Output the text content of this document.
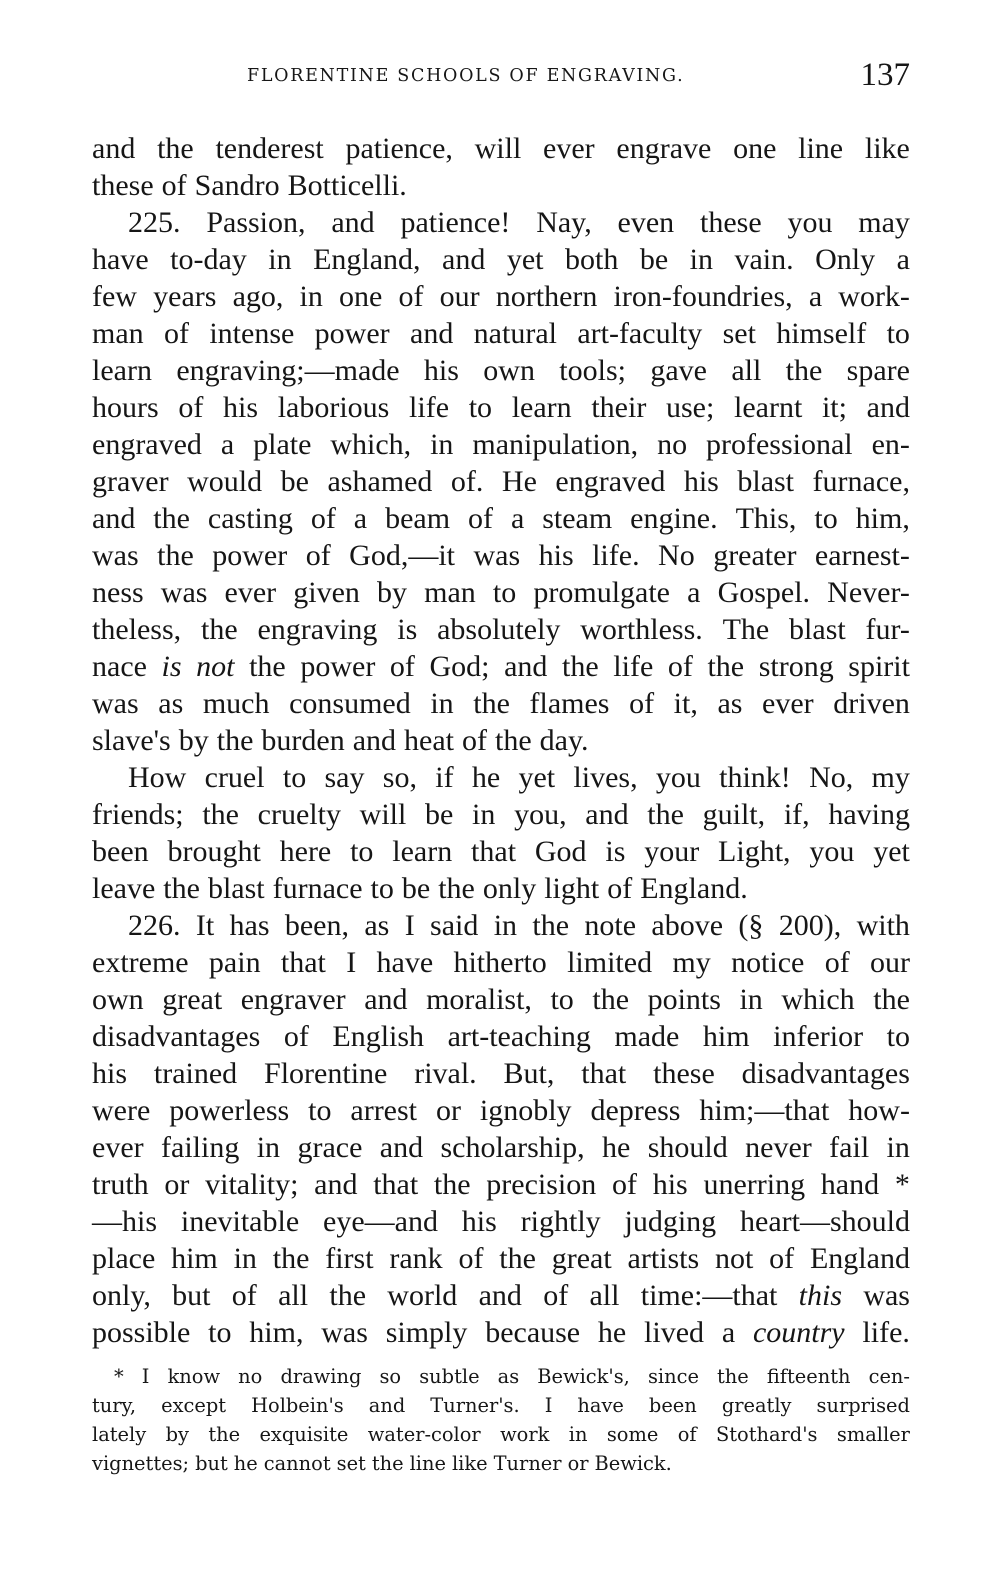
FLORENTINE SCHOOLS OF ENGRAVING.	137
and the tenderest patience, will ever engrave one line like
these of Sandro Botticelli.
225. Passion, and patience! Nay, even these you may
have to-day in England, and yet both be in vain. Only a
few years ago, in one of our northern iron-foundries, a work-
man of intense power and natural art-faculty set himself to
learn engraving;—made his own tools; gave all the spare
hours of his laborious life to learn their use; learnt it; and
engraved a plate which, in manipulation, no professional en-
graver would be ashamed of. He engraved his blast furnace,
and the casting of a beam of a steam engine. This, to him,
was the power of God,—it was his life. No greater earnest-
ness was ever given by man to promulgate a Gospel. Never-
theless, the engraving is absolutely worthless. The blast fur-
nace is not the power of God; and the life of the strong spirit
was as much consumed in the flames of it, as ever driven
slave's by the burden and heat of the day.
How cruel to say so, if he yet lives, you think! No, my
friends; the cruelty will be in you, and the guilt, if, having
been brought here to learn that God is your Light, you yet
leave the blast furnace to be the only light of England.
226. It has been, as I said in the note above (§ 200), with
extreme pain that I have hitherto limited my notice of our
own great engraver and moralist, to the points in which the
disadvantages of English art-teaching made him inferior to
his trained Florentine rival. But, that these disadvantages
were powerless to arrest or ignobly depress him;—that how-
ever failing in grace and scholarship, he should never fail in
truth or vitality; and that the precision of his unerring hand *
—his inevitable eye—and his rightly judging heart—should
place him in the first rank of the great artists not of England
only, but of all the world and of all time:—that this was
possible to him, was simply because he lived a country life.
* I know no drawing so subtle as Bewick's, since the fifteenth cen-
tury, except Holbein's and Turner's. I have been greatly surprised
lately by the exquisite water-color work in some of Stothard's smaller
vignettes; but he cannot set the line like Turner or Bewick.
